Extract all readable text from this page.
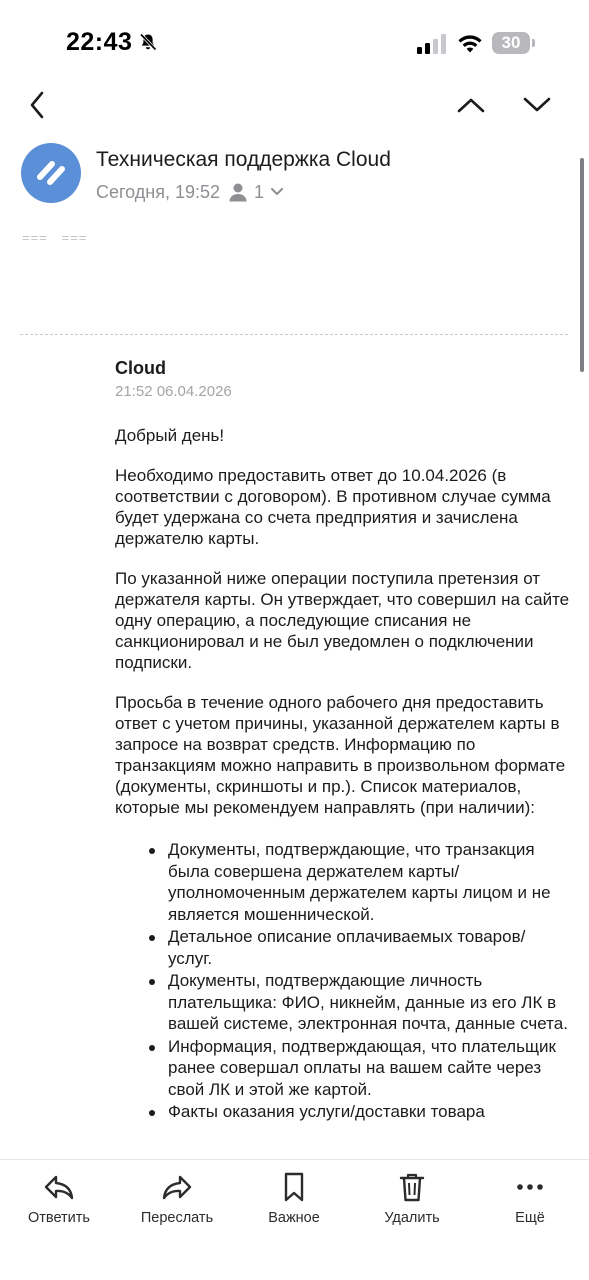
22:43	30
Техническая поддержка Cloud
Сегодня, 19:52 1
===   ===
Cloud
21:52 06.04.2026
Добрый день!

Необходимо предоставить ответ до 10.04.2026 (в соответствии с договором). В противном случае сумма будет удержана со счета предприятия и зачислена держателю карты.

По указанной ниже операции поступила претензия от держателя карты. Он утверждает, что совершил на сайте одну операцию, а последующие списания не санкционировал и не был уведомлен о подключении подписки.

Просьба в течение одного рабочего дня предоставить ответ с учетом причины, указанной держателем карты в запросе на возврат средств. Информацию по транзакциям можно направить в произвольном формате (документы, скриншоты и пр.). Список материалов, которые мы рекомендуем направлять (при наличии):

Документы, подтверждающие, что транзакция была совершена держателем карты/уполномоченным держателем карты лицом и не является мошеннической.
Детальное описание оплачиваемых товаров/услуг.
Документы, подтверждающие личность плательщика: ФИО, никнейм, данные из его ЛК в вашей системе, электронная почта, данные счета.
Информация, подтверждающая, что плательщик ранее совершал оплаты на вашем сайте через свой ЛК и этой же картой.
Факты оказания услуги/доставки товара
Ответить	Переслать	Важное	Удалить	Ещё
